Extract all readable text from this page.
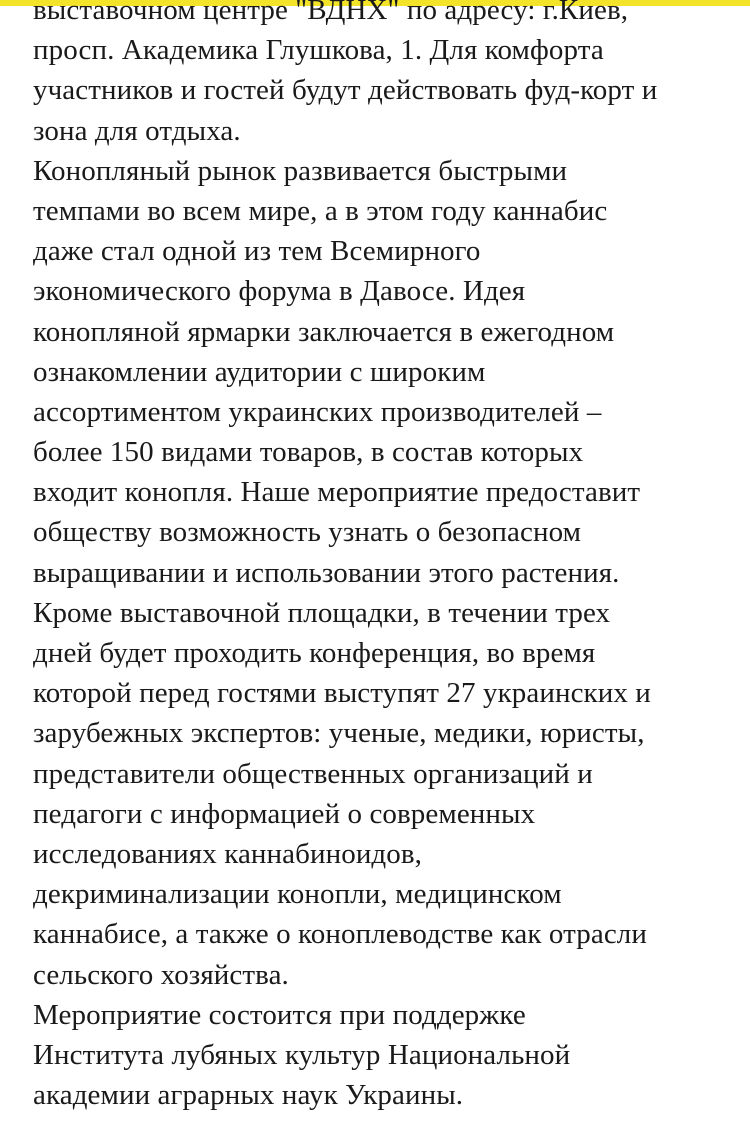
выставочном центре "ВДНХ" по адресу: г.Киев,
просп. Академика Глушкова, 1. Для комфорта
участников и гостей будут действовать фуд-корт и
зона для отдыха.
Конопляный рынок развивается быстрыми
темпами во всем мире, а в этом году каннабис
даже стал одной из тем Всемирного
экономического форума в Давосе. Идея
конопляной ярмарки заключается в ежегодном
ознакомлении аудитории с широким
ассортиментом украинских производителей –
более 150 видами товаров, в состав которых
входит конопля. Наше мероприятие предоставит
обществу возможность узнать о безопасном
выращивании и использовании этого растения.
Кроме выставочной площадки, в течении трех
дней будет проходить конференция, во время
которой перед гостями выступят 27 украинских и
зарубежных экспертов: ученые, медики, юристы,
представители общественных организаций и
педагоги с информацией о современных
исследованиях каннабиноидов,
декриминализации конопли, медицинском
каннабисе, а также о коноплеводстве как отрасли
сельского хозяйства.
Мероприятие состоится при поддержке
Института лубяных культур Национальной
академии аграрных наук Украины.
